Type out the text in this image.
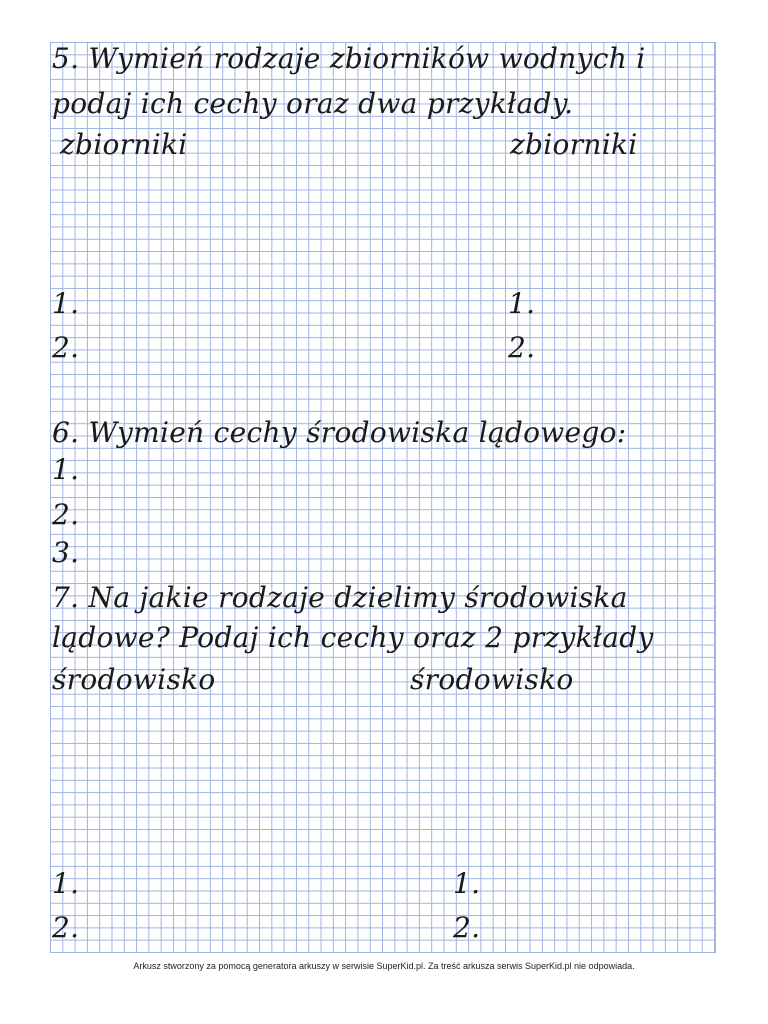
5. Wymień rodzaje zbiorników wodnych i

podaj ich cechy oraz dwa przykłady.

zbiorniki	zbiorniki

1.

2.

1.

2.

6. Wymień cechy środowiska lądowego:

1.

2.

3.

7. Na jakie rodzaje dzielimy środowiska

lądowe? Podaj ich cechy oraz 2 przykłady

środowisko	środowisko

1.

2.

1.

2.

Arkusz stworzony za pomocą generatora arkuszy w serwisie SuperKid.pl. Za treść arkusza serwis SuperKid.pl nie odpowiada.
